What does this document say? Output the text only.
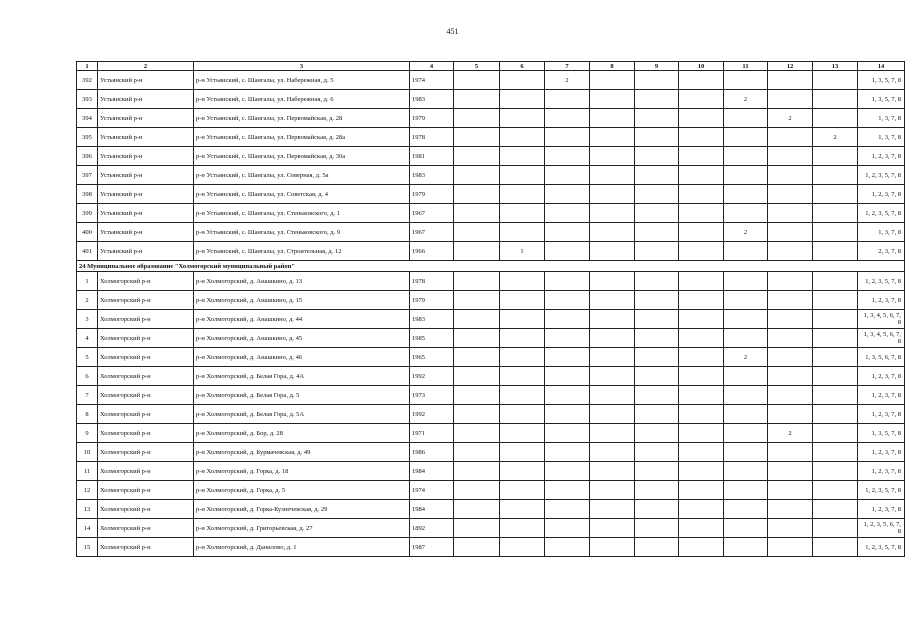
451
1	2	3	4	5	6	7	8	9	10	11	12	13	14
392	Устьянский р-н	р-н Устьянский, с. Шангалы, ул. Набережная, д. 5	1974			2							1, 3, 5, 7, 8
393	Устьянский р-н	р-н Устьянский, с. Шангалы, ул. Набережная, д. 6	1983							2			1, 3, 5, 7, 8
394	Устьянский р-н	р-н Устьянский, с. Шангалы, ул. Первомайская, д. 28	1979								2		1, 3, 7, 8
395	Устьянский р-н	р-н Устьянский, с. Шангалы, ул. Первомайская, д. 28а	1978									2	1, 3, 7, 8
396	Устьянский р-н	р-н Устьянский, с. Шангалы, ул. Первомайская, д. 30а	1981										1, 2, 3, 7, 8
397	Устьянский р-н	р-н Устьянский, с. Шангалы, ул. Северная, д. 5а	1983										1, 2, 3, 5, 7, 8
398	Устьянский р-н	р-н Устьянский, с. Шангалы, ул. Советская, д. 4	1979										1, 2, 3, 7, 8
399	Устьянский р-н	р-н Устьянский, с. Шангалы, ул. Стеньковского, д. 1	1967										1, 2, 3, 5, 7, 8
400	Устьянский р-н	р-н Устьянский, с. Шангалы, ул. Стеньковского, д. 9	1967							2			1, 3, 7, 8
401	Устьянский р-н	р-н Устьянский, с. Шангалы, ул. Строительная, д. 12	1966		1								2, 3, 7, 8
24 Муниципальное образование "Холмогорский муниципальный район"													
1	Холмогорский р-н	р-н Холмогорский, д. Анашкино, д. 13	1978										1, 2, 3, 5, 7, 8
2	Холмогорский р-н	р-н Холмогорский, д. Анашкино, д. 15	1979										1, 2, 3, 7, 8
3	Холмогорский р-н	р-н Холмогорский, д. Анашкино, д. 44	1983										1, 3, 4, 5, 6, 7, 8
4	Холмогорский р-н	р-н Холмогорский, д. Анашкино, д. 45	1985										1, 3, 4, 5, 6, 7, 8
5	Холмогорский р-н	р-н Холмогорский, д. Анашкино, д. 46	1965							2			1, 3, 5, 6, 7, 8
6	Холмогорский р-н	р-н Холмогорский, д. Белая Гора, д. 4А	1992										1, 2, 3, 7, 8
7	Холмогорский р-н	р-н Холмогорский, д. Белая Гора, д. 5	1973										1, 2, 3, 7, 8
8	Холмогорский р-н	р-н Холмогорский, д. Белая Гора, д. 5А	1992										1, 2, 3, 7, 8
9	Холмогорский р-н	р-н Холмогорский, д. Бор, д. 28	1971								2		1, 3, 5, 7, 8
10	Холмогорский р-н	р-н Холмогорский, д. Бурмачевская, д. 49	1986										1, 2, 3, 7, 8
11	Холмогорский р-н	р-н Холмогорский, д. Горка, д. 18	1984										1, 2, 3, 7, 8
12	Холмогорский р-н	р-н Холмогорский, д. Горка, д. 5	1974										1, 2, 3, 5, 7, 8
13	Холмогорский р-н	р-н Холмогорский, д. Горка-Кузнечевская, д. 29	1984										1, 2, 3, 7, 8
14	Холмогорский р-н	р-н Холмогорский, д. Григорьевская, д. 27	1892										1, 2, 3, 5, 6, 7, 8
15	Холмогорский р-н	р-н Холмогорский, д. Даниловo, д. 1	1987										1, 2, 3, 5, 7, 8
